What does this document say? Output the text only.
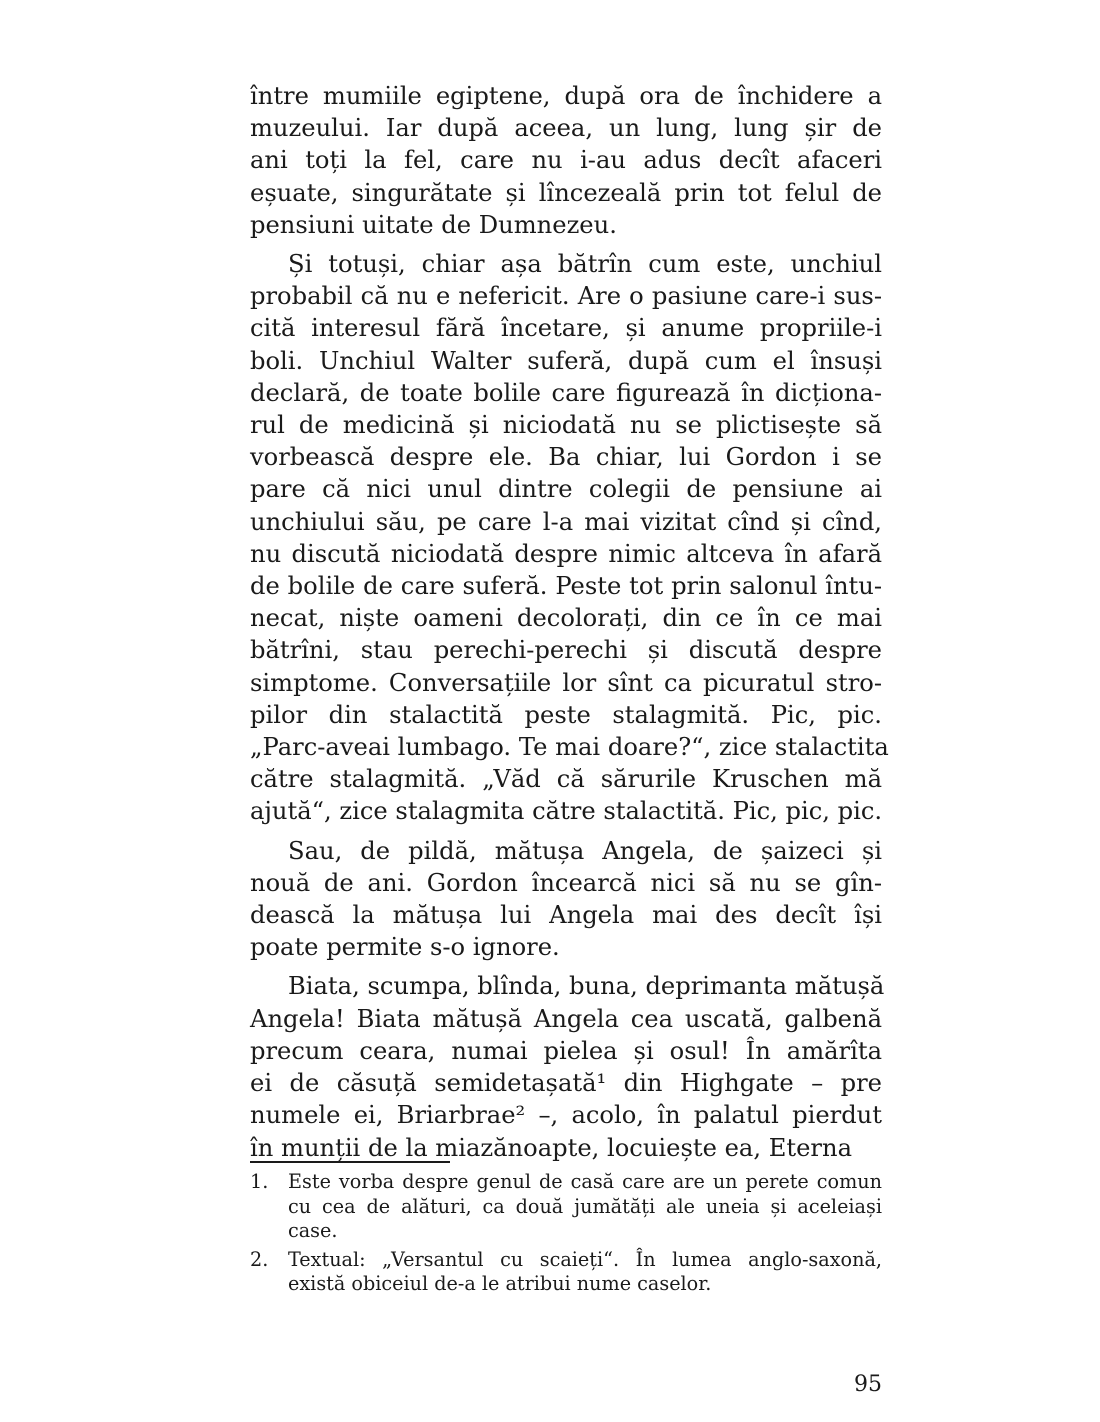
între mumiile egiptene, după ora de închidere a
muzeului. Iar după aceea, un lung, lung șir de
ani toți la fel, care nu i-au adus decît afaceri
eșuate, singurătate și lîncezeală prin tot felul de
pensiuni uitate de Dumnezeu.
Și totuși, chiar așa bătrîn cum este, unchiul
probabil că nu e nefericit. Are o pasiune care-i sus-
cită interesul fără încetare, și anume propriile-i
boli. Unchiul Walter suferă, după cum el însuși
declară, de toate bolile care figurează în dicționa-
rul de medicină și niciodată nu se plictisește să
vorbească despre ele. Ba chiar, lui Gordon i se
pare că nici unul dintre colegii de pensiune ai
unchiului său, pe care l-a mai vizitat cînd și cînd,
nu discută niciodată despre nimic altceva în afară
de bolile de care suferă. Peste tot prin salonul întu-
necat, niște oameni decolorați, din ce în ce mai
bătrîni, stau perechi-perechi și discută despre
simptome. Conversațiile lor sînt ca picuratul stro-
pilor din stalactită peste stalagmită. Pic, pic.
„Parc-aveai lumbago. Te mai doare?“, zice stalactita
către stalagmită. „Văd că sărurile Kruschen mă
ajută“, zice stalagmita către stalactită. Pic, pic, pic.
Sau, de pildă, mătușa Angela, de șaizeci și
nouă de ani. Gordon încearcă nici să nu se gîn-
dească la mătușa lui Angela mai des decît își
poate permite s-o ignore.
Biata, scumpa, blînda, buna, deprimanta mătușă
Angela! Biata mătușă Angela cea uscată, galbenă
precum ceara, numai pielea și osul! În amărîta
ei de căsuță semidetașată¹ din Highgate – pre
numele ei, Briarbrae² –, acolo, în palatul pierdut
în munții de la miazănoapte, locuiește ea, Eterna
1.	Este vorba despre genul de casă care are un perete comun cu cea de alături, ca două jumătăți ale uneia și aceleiași case.
2.	Textual: „Versantul cu scaieți“. În lumea anglo-saxonă, există obiceiul de-a le atribui nume caselor.
95
